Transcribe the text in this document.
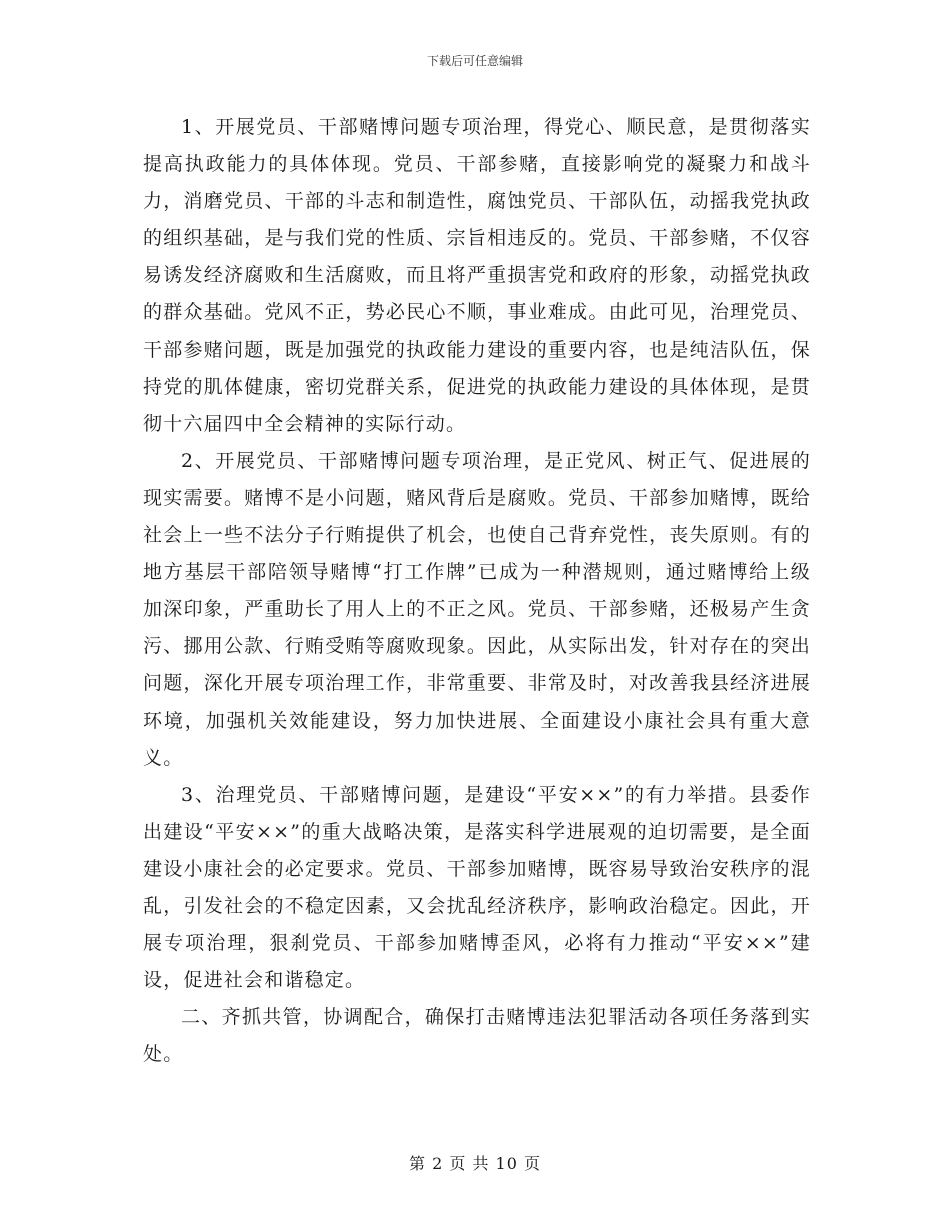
下载后可任意编辑

1、开展党员、干部赌博问题专项治理，得党心、顺民意，是贯彻落实提高执政能力的具体体现。党员、干部参赌，直接影响党的凝聚力和战斗力，消磨党员、干部的斗志和制造性，腐蚀党员、干部队伍，动摇我党执政的组织基础，是与我们党的性质、宗旨相违反的。党员、干部参赌，不仅容易诱发经济腐败和生活腐败，而且将严重损害党和政府的形象，动摇党执政的群众基础。党风不正，势必民心不顺，事业难成。由此可见，治理党员、干部参赌问题，既是加强党的执政能力建设的重要内容，也是纯洁队伍，保持党的肌体健康，密切党群关系，促进党的执政能力建设的具体体现，是贯彻十六届四中全会精神的实际行动。

2、开展党员、干部赌博问题专项治理，是正党风、树正气、促进展的现实需要。赌博不是小问题，赌风背后是腐败。党员、干部参加赌博，既给社会上一些不法分子行贿提供了机会，也使自己背弃党性，丧失原则。有的地方基层干部陪领导赌博“打工作牌”已成为一种潜规则，通过赌博给上级加深印象，严重助长了用人上的不正之风。党员、干部参赌，还极易产生贪污、挪用公款、行贿受贿等腐败现象。因此，从实际出发，针对存在的突出问题，深化开展专项治理工作，非常重要、非常及时，对改善我县经济进展环境，加强机关效能建设，努力加快进展、全面建设小康社会具有重大意义。

3、治理党员、干部赌博问题，是建设“平安××”的有力举措。县委作出建设“平安××”的重大战略决策，是落实科学进展观的迫切需要，是全面建设小康社会的必定要求。党员、干部参加赌博，既容易导致治安秩序的混乱，引发社会的不稳定因素，又会扰乱经济秩序，影响政治稳定。因此，开展专项治理，狠刹党员、干部参加赌博歪风，必将有力推动“平安××”建设，促进社会和谐稳定。

二、齐抓共管，协调配合，确保打击赌博违法犯罪活动各项任务落到实处。

第 2 页 共 10 页
